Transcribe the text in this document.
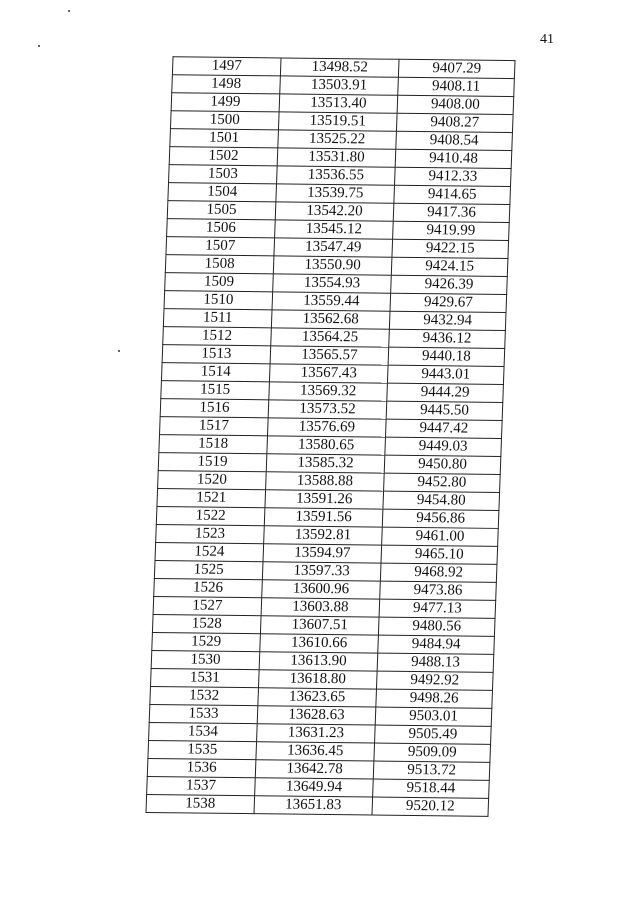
41
1497	13498.52	9407.29
1498	13503.91	9408.11
1499	13513.40	9408.00
1500	13519.51	9408.27
1501	13525.22	9408.54
1502	13531.80	9410.48
1503	13536.55	9412.33
1504	13539.75	9414.65
1505	13542.20	9417.36
1506	13545.12	9419.99
1507	13547.49	9422.15
1508	13550.90	9424.15
1509	13554.93	9426.39
1510	13559.44	9429.67
1511	13562.68	9432.94
1512	13564.25	9436.12
1513	13565.57	9440.18
1514	13567.43	9443.01
1515	13569.32	9444.29
1516	13573.52	9445.50
1517	13576.69	9447.42
1518	13580.65	9449.03
1519	13585.32	9450.80
1520	13588.88	9452.80
1521	13591.26	9454.80
1522	13591.56	9456.86
1523	13592.81	9461.00
1524	13594.97	9465.10
1525	13597.33	9468.92
1526	13600.96	9473.86
1527	13603.88	9477.13
1528	13607.51	9480.56
1529	13610.66	9484.94
1530	13613.90	9488.13
1531	13618.80	9492.92
1532	13623.65	9498.26
1533	13628.63	9503.01
1534	13631.23	9505.49
1535	13636.45	9509.09
1536	13642.78	9513.72
1537	13649.94	9518.44
1538	13651.83	9520.12
